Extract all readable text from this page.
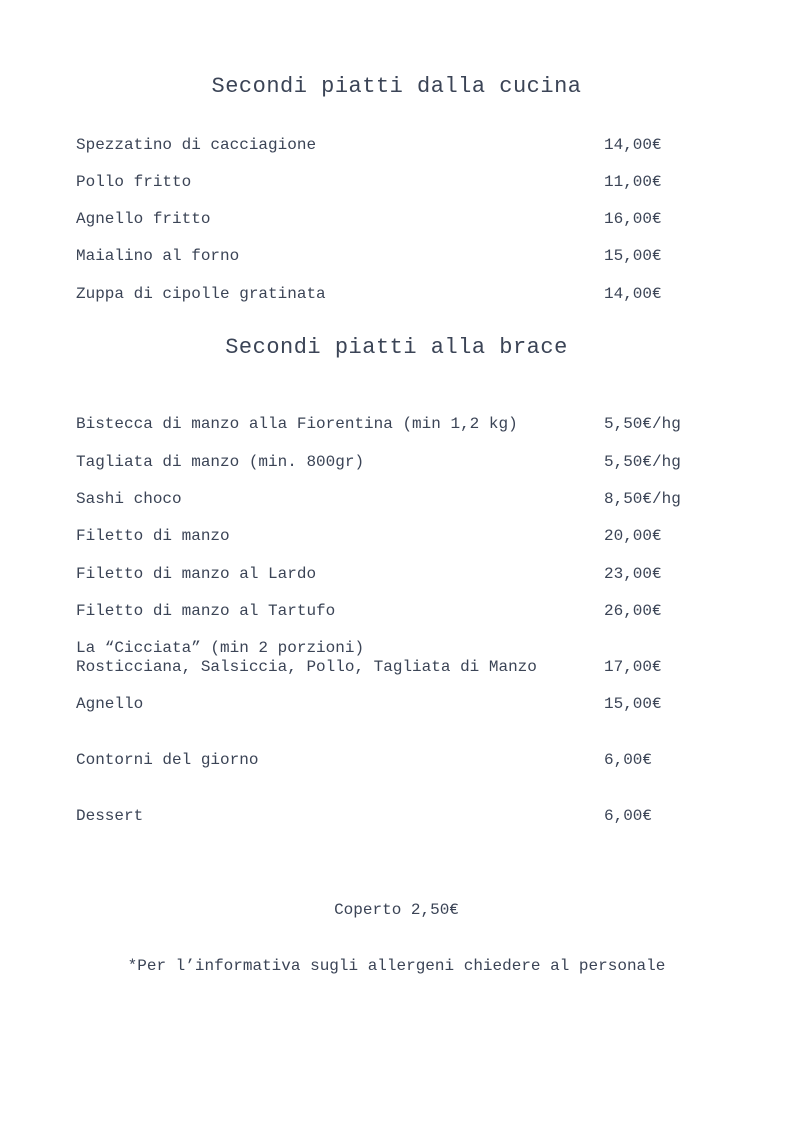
Secondi piatti dalla cucina
Spezzatino di cacciagione	14,00€
Pollo fritto	11,00€
Agnello fritto	16,00€
Maialino al forno	15,00€
Zuppa di cipolle gratinata	14,00€
Secondi piatti alla brace
Bistecca di manzo alla Fiorentina (min 1,2 kg)	5,50€/hg
Tagliata di manzo (min. 800gr)	5,50€/hg
Sashi choco	8,50€/hg
Filetto di manzo	20,00€
Filetto di manzo al Lardo	23,00€
Filetto di manzo al Tartufo	26,00€
La “Cicciata” (min 2 porzioni)
Rosticciana, Salsiccia, Pollo, Tagliata di Manzo	17,00€
Agnello	15,00€
Contorni del giorno	6,00€
Dessert	6,00€
Coperto 2,50€
*Per l’informativa sugli allergeni chiedere al personale
